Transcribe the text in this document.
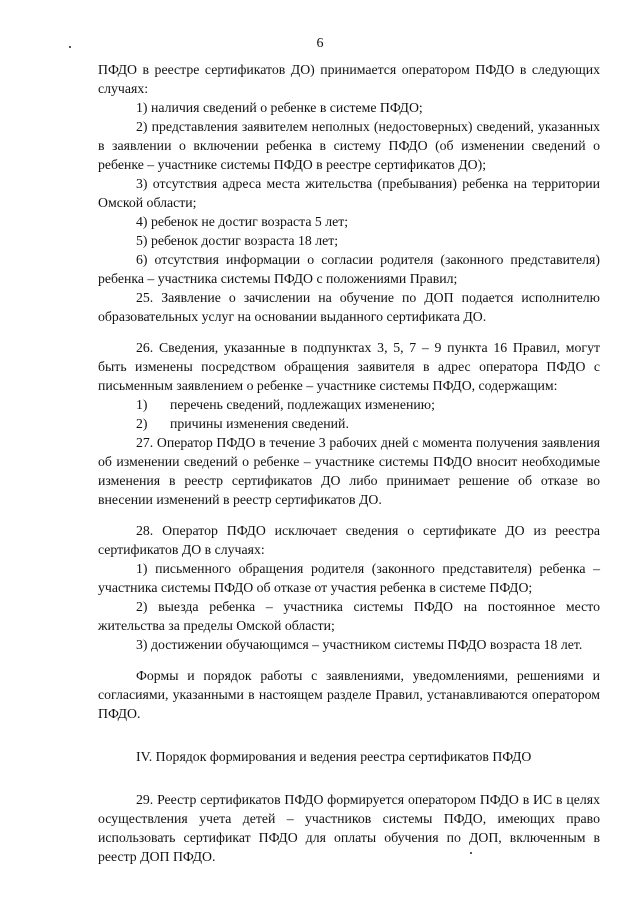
6

ПФДО в реестре сертификатов ДО) принимается оператором ПФДО в следующих случаях:

1) наличия сведений о ребенке в системе ПФДО;

2) представления заявителем неполных (недостоверных) сведений, указанных в заявлении о включении ребенка в систему ПФДО (об изменении сведений о ребенке – участнике системы ПФДО в реестре сертификатов ДО);

3) отсутствия адреса места жительства (пребывания) ребенка на территории Омской области;

4) ребенок не достиг возраста 5 лет;

5) ребенок достиг возраста 18 лет;

6) отсутствия информации о согласии родителя (законного представителя) ребенка – участника системы ПФДО с положениями Правил;

25. Заявление о зачислении на обучение по ДОП подается исполнителю образовательных услуг на основании выданного сертификата ДО.

26. Сведения, указанные в подпунктах 3, 5, 7 – 9 пункта 16 Правил, могут быть изменены посредством обращения заявителя в адрес оператора ПФДО с письменным заявлением о ребенке – участнике системы ПФДО, содержащим:

1)	перечень сведений, подлежащих изменению;

2)	причины изменения сведений.

27. Оператор ПФДО в течение 3 рабочих дней с момента получения заявления об изменении сведений о ребенке – участнике системы ПФДО вносит необходимые изменения в реестр сертификатов ДО либо принимает решение об отказе во внесении изменений в реестр сертификатов ДО.

28. Оператор ПФДО исключает сведения о сертификате ДО из реестра сертификатов ДО в случаях:

1) письменного обращения родителя (законного представителя) ребенка – участника системы ПФДО об отказе от участия ребенка в системе ПФДО;

2) выезда ребенка – участника системы ПФДО на постоянное место жительства за пределы Омской области;

3) достижении обучающимся – участником системы ПФДО возраста 18 лет.

Формы и порядок работы с заявлениями, уведомлениями, решениями и согласиями, указанными в настоящем разделе Правил, устанавливаются оператором ПФДО.

IV. Порядок формирования и ведения реестра сертификатов ПФДО

29. Реестр сертификатов ПФДО формируется оператором ПФДО в ИС в целях осуществления учета детей – участников системы ПФДО, имеющих право использовать сертификат ПФДО для оплаты обучения по ДОП, включенным в реестр ДОП ПФДО.
